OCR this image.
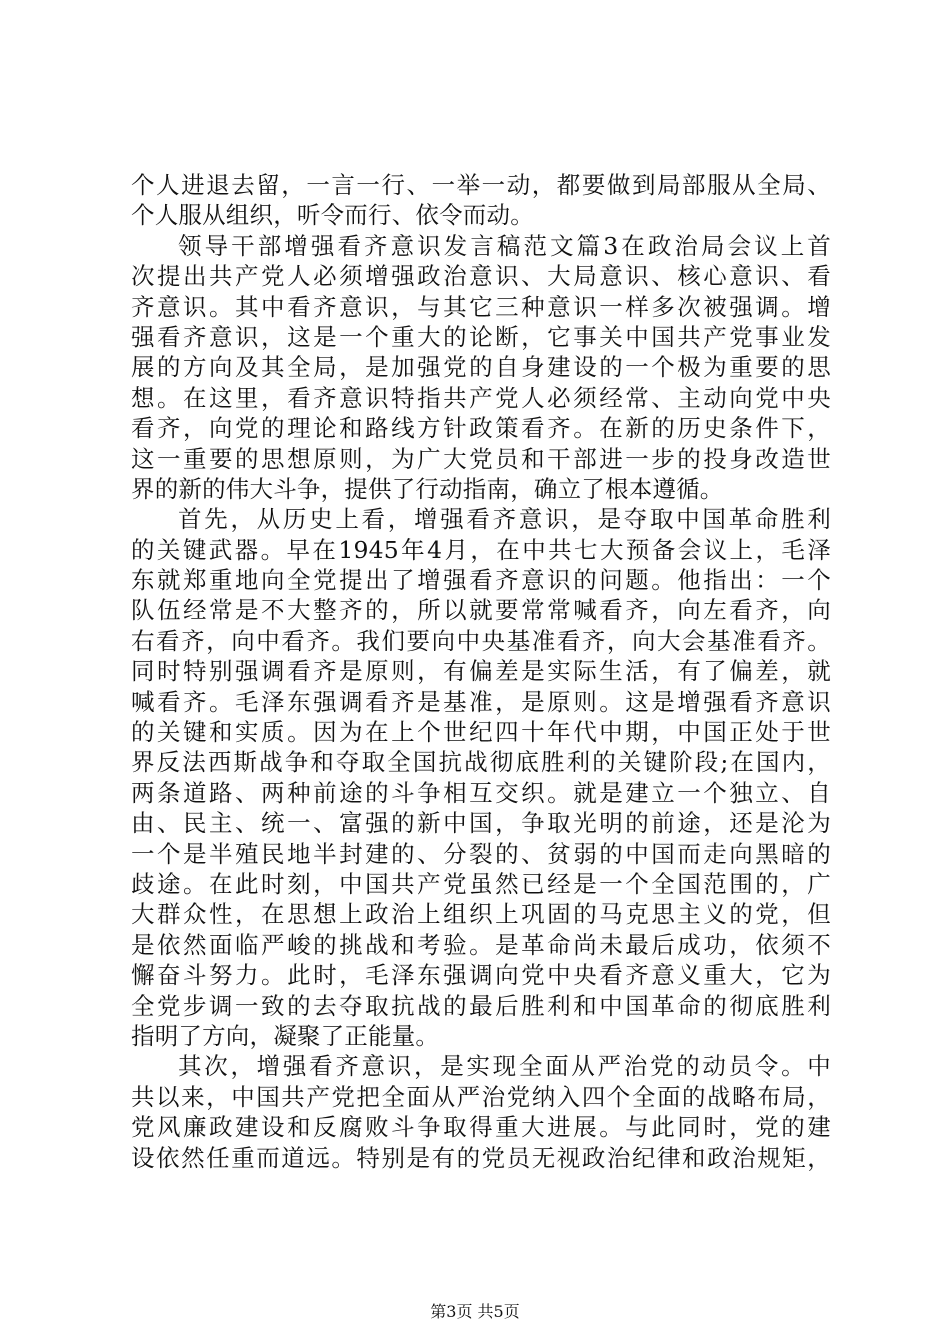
个人进退去留，一言一行、一举一动，都要做到局部服从全局、
个人服从组织，听令而行、依令而动。
领导干部增强看齐意识发言稿范文篇3在政治局会议上首
次提出共产党人必须增强政治意识、大局意识、核心意识、看
齐意识。其中看齐意识，与其它三种意识一样多次被强调。增
强看齐意识，这是一个重大的论断，它事关中国共产党事业发
展的方向及其全局，是加强党的自身建设的一个极为重要的思
想。在这里，看齐意识特指共产党人必须经常、主动向党中央
看齐，向党的理论和路线方针政策看齐。在新的历史条件下，
这一重要的思想原则，为广大党员和干部进一步的投身改造世
界的新的伟大斗争，提供了行动指南，确立了根本遵循。
首先，从历史上看，增强看齐意识，是夺取中国革命胜利
的关键武器。早在1945年4月，在中共七大预备会议上，毛泽
东就郑重地向全党提出了增强看齐意识的问题。他指出：一个
队伍经常是不大整齐的，所以就要常常喊看齐，向左看齐，向
右看齐，向中看齐。我们要向中央基准看齐，向大会基准看齐。
同时特别强调看齐是原则，有偏差是实际生活，有了偏差，就
喊看齐。毛泽东强调看齐是基准，是原则。这是增强看齐意识
的关键和实质。因为在上个世纪四十年代中期，中国正处于世
界反法西斯战争和夺取全国抗战彻底胜利的关键阶段;在国内，
两条道路、两种前途的斗争相互交织。就是建立一个独立、自
由、民主、统一、富强的新中国，争取光明的前途，还是沦为
一个是半殖民地半封建的、分裂的、贫弱的中国而走向黑暗的
歧途。在此时刻，中国共产党虽然已经是一个全国范围的，广
大群众性，在思想上政治上组织上巩固的马克思主义的党，但
是依然面临严峻的挑战和考验。是革命尚未最后成功，依须不
懈奋斗努力。此时，毛泽东强调向党中央看齐意义重大，它为
全党步调一致的去夺取抗战的最后胜利和中国革命的彻底胜利
指明了方向，凝聚了正能量。
其次，增强看齐意识，是实现全面从严治党的动员令。中
共以来，中国共产党把全面从严治党纳入四个全面的战略布局，
党风廉政建设和反腐败斗争取得重大进展。与此同时，党的建
设依然任重而道远。特别是有的党员无视政治纪律和政治规矩，
第3页 共5页
